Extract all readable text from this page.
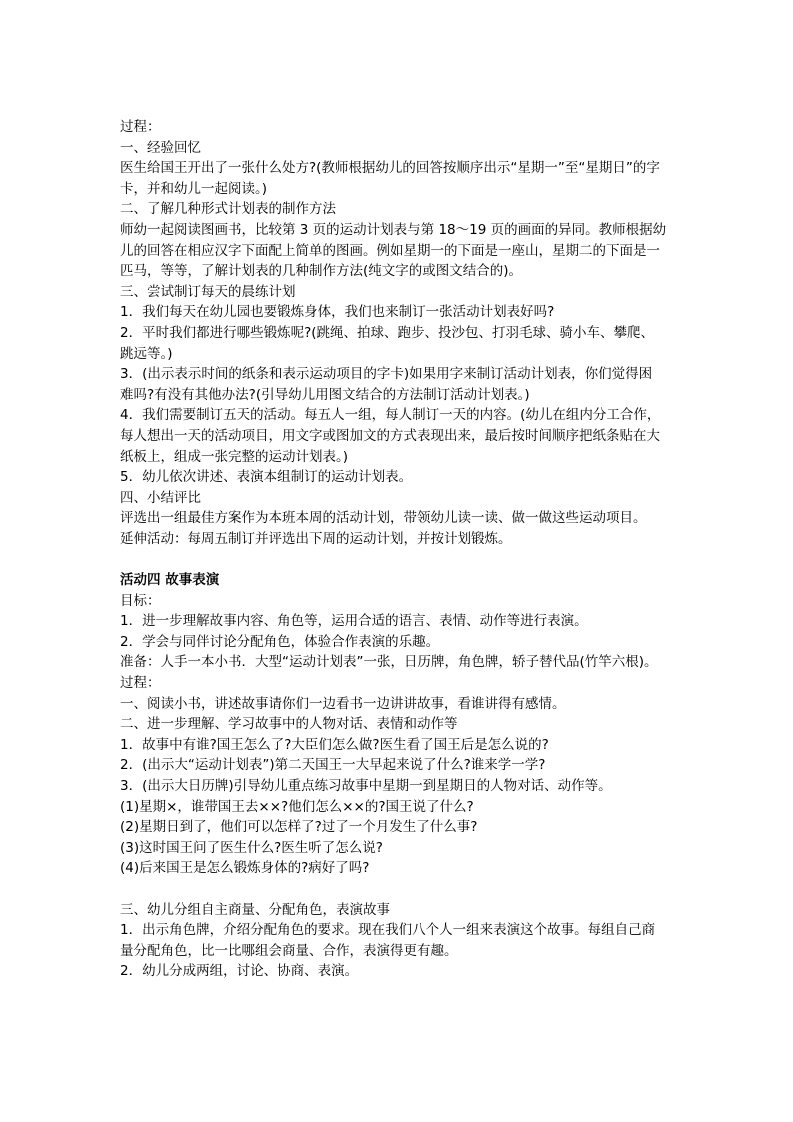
过程：
一、经验回忆
医生给国王开出了一张什么处方?(教师根据幼儿的回答按顺序出示“星期一”至“星期日”的字
卡，并和幼儿一起阅读。)
二、了解几种形式计划表的制作方法
师幼一起阅读图画书，比较第 3 页的运动计划表与第 18～19 页的画面的异同。教师根据幼
儿的回答在相应汉字下面配上简单的图画。例如星期一的下面是一座山，星期二的下面是一
匹马，等等，了解计划表的几种制作方法(纯文字的或图文结合的)。
三、尝试制订每天的晨练计划
1．我们每天在幼儿园也要锻炼身体，我们也来制订一张活动计划表好吗?
2．平时我们都进行哪些锻炼呢?(跳绳、拍球、跑步、投沙包、打羽毛球、骑小车、攀爬、
跳远等。)
3．(出示表示时间的纸条和表示运动项目的字卡)如果用字来制订活动计划表，你们觉得困
难吗?有没有其他办法?(引导幼儿用图文结合的方法制订活动计划表。)
4．我们需要制订五天的活动。每五人一组，每人制订一天的内容。(幼儿在组内分工合作，
每人想出一天的活动项目，用文字或图加文的方式表现出来，最后按时间顺序把纸条贴在大
纸板上，组成一张完整的运动计划表。)
5．幼儿依次讲述、表演本组制订的运动计划表。
四、小结评比
评选出一组最佳方案作为本班本周的活动计划，带领幼儿读一读、做一做这些运动项目。
延伸活动：每周五制订并评选出下周的运动计划，并按计划锻炼。
活动四 故事表演
目标：
1．进一步理解故事内容、角色等，运用合适的语言、表情、动作等进行表演。
2．学会与同伴讨论分配角色，体验合作表演的乐趣。
准备：人手一本小书．大型“运动计划表”一张，日历牌，角色牌，轿子替代品(竹竿六根)。
过程：
一、阅读小书，讲述故事请你们一边看书一边讲讲故事，看谁讲得有感情。
二、进一步理解、学习故事中的人物对话、表情和动作等
1．故事中有谁?国王怎么了?大臣们怎么做?医生看了国王后是怎么说的?
2．(出示大“运动计划表”)第二天国王一大早起来说了什么?谁来学一学?
3．(出示大日历牌)引导幼儿重点练习故事中星期一到星期日的人物对话、动作等。
(1)星期×，谁带国王去××?他们怎么××的?国王说了什么?
(2)星期日到了，他们可以怎样了?过了一个月发生了什么事?
(3)这时国王问了医生什么?医生听了怎么说?
(4)后来国王是怎么锻炼身体的?病好了吗?
三、幼儿分组自主商量、分配角色，表演故事
1．出示角色牌，介绍分配角色的要求。现在我们八个人一组来表演这个故事。每组自己商
量分配角色，比一比哪组会商量、合作，表演得更有趣。
2．幼儿分成两组，讨论、协商、表演。
